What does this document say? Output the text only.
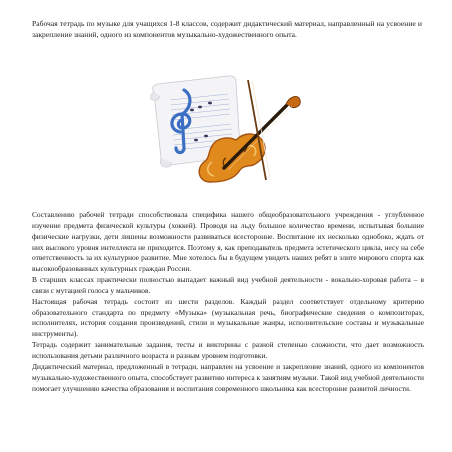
Рабочая тетрадь по музыке для учащихся 1-8 классов, содержит дидактический материал, направленный на усвоение и закрепление знаний, одного из компонентов музыкально-художественного опыта.

Составлению рабочей тетради способствовала специфика нашего общеобразовательного учреждения - углубленное изучение предмета физической культуры (хоккей). Проводя на льду большое количество времени, испытывая большие физические нагрузки, дети лишены возможности развиваться всесторонне. Воспитание их несколько однобоко, ждать от них высокого уровня интеллекта не приходится. Поэтому я, как преподаватель предмета эстетического цикла, несу на себе ответственность за их культурное развитие. Мне хотелось бы в будущем увидеть наших ребят в элите мирового спорта как высокообразованных культурных граждан России.

В старших классах практически полностью выпадает важный вид учебной деятельности - вокально-хоровая работа – в связи с мутацией голоса у мальчиков.

Настоящая рабочая тетрадь состоит из шести разделов. Каждый раздел соответствует отдельному критерию образовательного стандарта по предмету «Музыка» (музыкальная речь, биографические сведения о композиторах, исполнителях, история создания произведений, стили и музыкальные жанры, исполнительские составы и музыкальные инструменты).

Тетрадь содержит занимательные задания, тесты и викторины с разной степенью сложности, что дает возможность использования детьми различного возраста и разным уровнем подготовки.

Дидактический материал, предложенный в тетради, направлен на усвоение и закрепление знаний, одного из компонентов музыкально-художественного опыта, способствует развитию интереса к занятиям музыки. Такой вид учебной деятельности помогает улучшению качества образования и воспитания современного школьника как всесторонне развитой личности.
